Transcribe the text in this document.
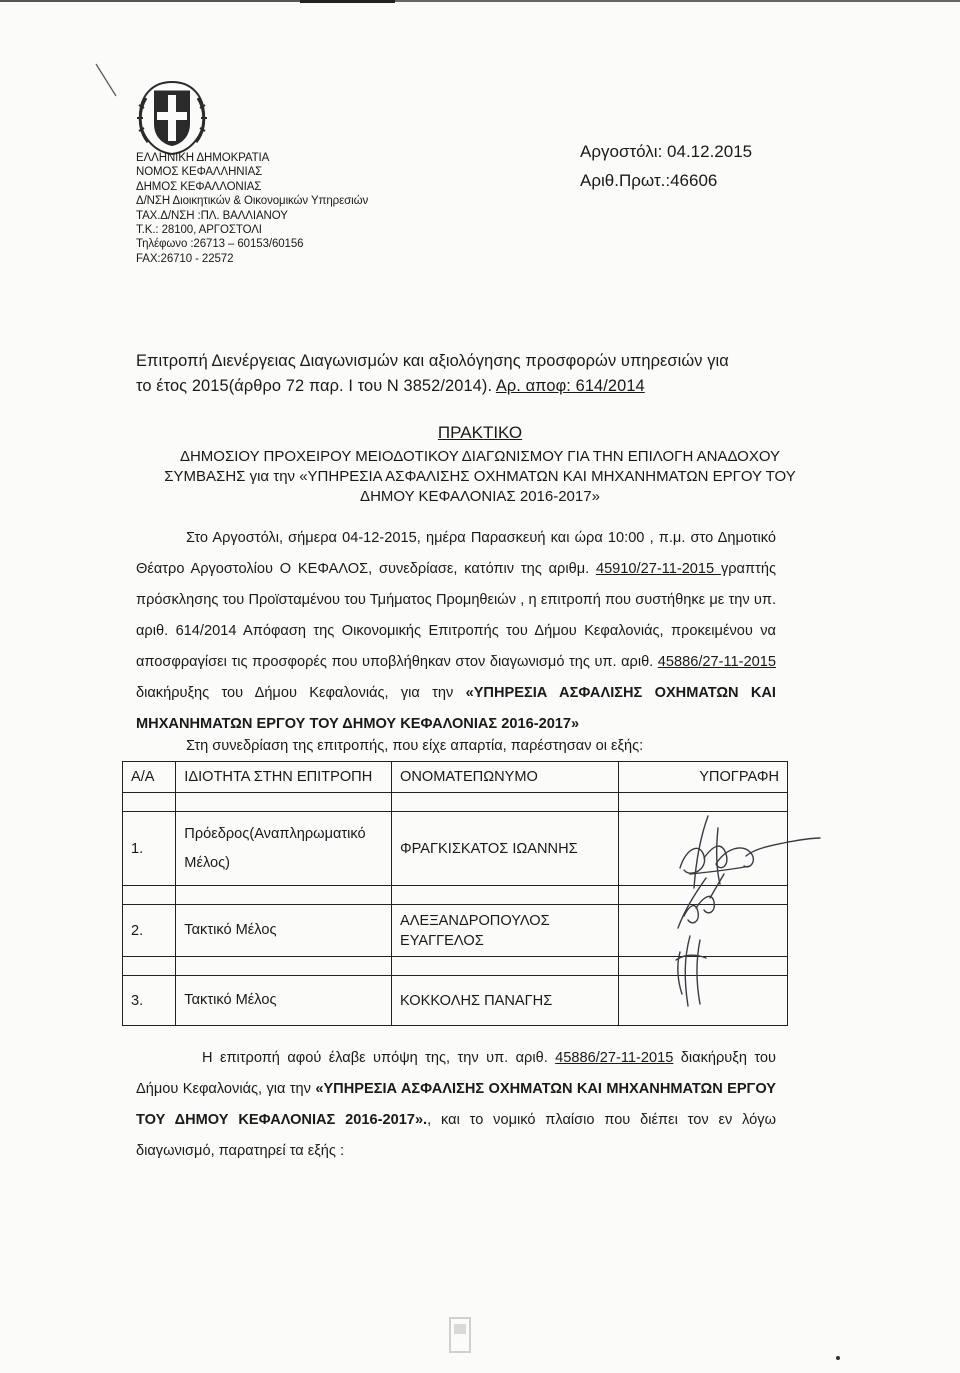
ΕΛΛΗΝΙΚΗ ΔΗΜΟΚΡΑΤΙΑ
ΝΟΜΟΣ ΚΕΦΑΛΛΗΝΙΑΣ
ΔΗΜΟΣ ΚΕΦΑΛΛΟΝΙΑΣ
Δ/ΝΣΗ Διοικητικών & Οικονομικών Υπηρεσιών
ΤΑΧ.Δ/ΝΣΗ :ΠΛ. ΒΑΛΛΙΑΝΟΥ
Τ.Κ.: 28100, ΑΡΓΟΣΤΟΛΙ
Τηλέφωνο :26713 – 60153/60156
FAX:26710 - 22572
Αργοστόλι: 04.12.2015
Αριθ.Πρωτ.:46606
Επιτροπή Διενέργειας Διαγωνισμών και αξιολόγησης προσφορών υπηρεσιών για
το έτος 2015(άρθρο 72 παρ. Ι του Ν 3852/2014). Αρ. αποφ: 614/2014
ΠΡΑΚΤΙΚΟ
ΔΗΜΟΣΙΟΥ ΠΡΟΧΕΙΡΟΥ ΜΕΙΟΔΟΤΙΚΟΥ ΔΙΑΓΩΝΙΣΜΟΥ ΓΙΑ ΤΗΝ ΕΠΙΛΟΓΗ ΑΝΑΔΟΧΟΥ
ΣΥΜΒΑΣΗΣ για την «ΥΠΗΡΕΣΙΑ ΑΣΦΑΛΙΣΗΣ ΟΧΗΜΑΤΩΝ ΚΑΙ ΜΗΧΑΝΗΜΑΤΩΝ ΕΡΓΟΥ ΤΟΥ
ΔΗΜΟΥ ΚΕΦΑΛΟΝΙΑΣ 2016-2017»
Στο Αργοστόλι, σήμερα 04-12-2015, ημέρα Παρασκευή και ώρα 10:00 , π.μ. στο Δημοτικό Θέατρο Αργοστολίου Ο ΚΕΦΑΛΟΣ, συνεδρίασε, κατόπιν της αριθμ. 45910/27-11-2015 γραπτής πρόσκλησης του Προϊσταμένου του Τμήματος Προμηθειών , η επιτροπή που συστήθηκε με την υπ. αριθ. 614/2014 Απόφαση της Οικονομικής Επιτροπής του Δήμου Κεφαλονιάς, προκειμένου να αποσφραγίσει τις προσφορές που υποβλήθηκαν στον διαγωνισμό της υπ. αριθ. 45886/27-11-2015 διακήρυξης του Δήμου Κεφαλονιάς, για την «ΥΠΗΡΕΣΙΑ ΑΣΦΑΛΙΣΗΣ ΟΧΗΜΑΤΩΝ ΚΑΙ ΜΗΧΑΝΗΜΑΤΩΝ ΕΡΓΟΥ ΤΟΥ ΔΗΜΟΥ ΚΕΦΑΛΟΝΙΑΣ 2016-2017»
Στη συνεδρίαση της επιτροπής, που είχε απαρτία, παρέστησαν οι εξής:
Α/Α	ΙΔΙΟΤΗΤΑ ΣΤΗΝ ΕΠΙΤΡΟΠΗ	ΟΝΟΜΑΤΕΠΩΝΥΜΟ	ΥΠΟΓΡΑΦΗ

1.	Πρόεδρος(Αναπληρωματικό Μέλος)	ΦΡΑΓΚΙΣΚΑΤΟΣ ΙΩΑΝΝΗΣ	

2.	Τακτικό Μέλος	ΑΛΕΞΑΝΔΡΟΠΟΥΛΟΣ ΕΥΑΓΓΕΛΟΣ	

3.	Τακτικό Μέλος	ΚΟΚΚΟΛΗΣ ΠΑΝΑΓΗΣ	
Η επιτροπή αφού έλαβε υπόψη της, την υπ. αριθ. 45886/27-11-2015 διακήρυξη του Δήμου Κεφαλονιάς, για την «ΥΠΗΡΕΣΙΑ ΑΣΦΑΛΙΣΗΣ ΟΧΗΜΑΤΩΝ ΚΑΙ ΜΗΧΑΝΗΜΑΤΩΝ ΕΡΓΟΥ ΤΟΥ ΔΗΜΟΥ ΚΕΦΑΛΟΝΙΑΣ 2016-2017»., και το νομικό πλαίσιο που διέπει τον εν λόγω διαγωνισμό, παρατηρεί τα εξής :
